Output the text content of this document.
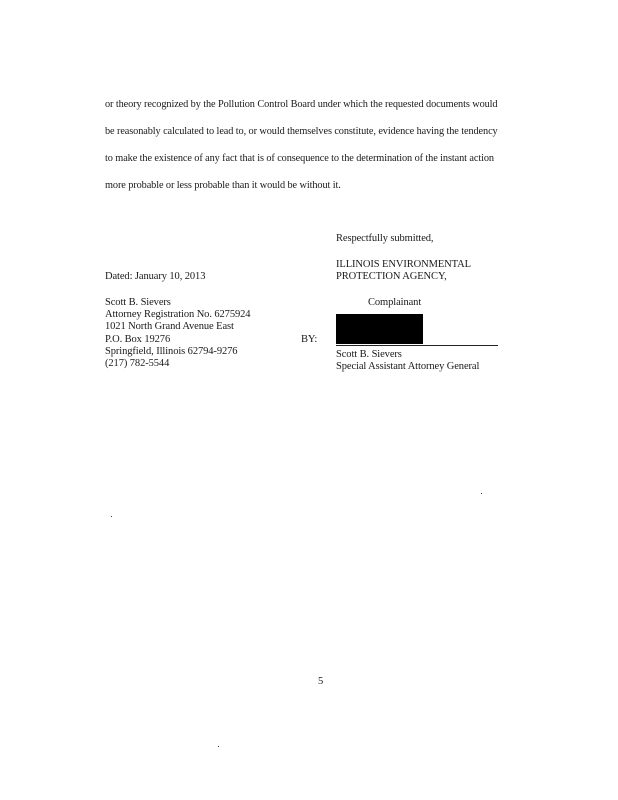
or theory recognized by the Pollution Control Board under which the requested documents would
be reasonably calculated to lead to, or would themselves constitute, evidence having the tendency
to make the existence of any fact that is of consequence to the determination of the instant action
more probable or less probable than it would be without it.
Respectfully submitted,
ILLINOIS ENVIRONMENTAL
PROTECTION AGENCY,
Complainant
Dated: January 10, 2013
Scott B. Sievers
Attorney Registration No. 6275924
1021 North Grand Avenue East
P.O. Box 19276
Springfield, Illinois 62794-9276
(217) 782-5544
BY:
Scott B. Sievers
Special Assistant Attorney General
5
